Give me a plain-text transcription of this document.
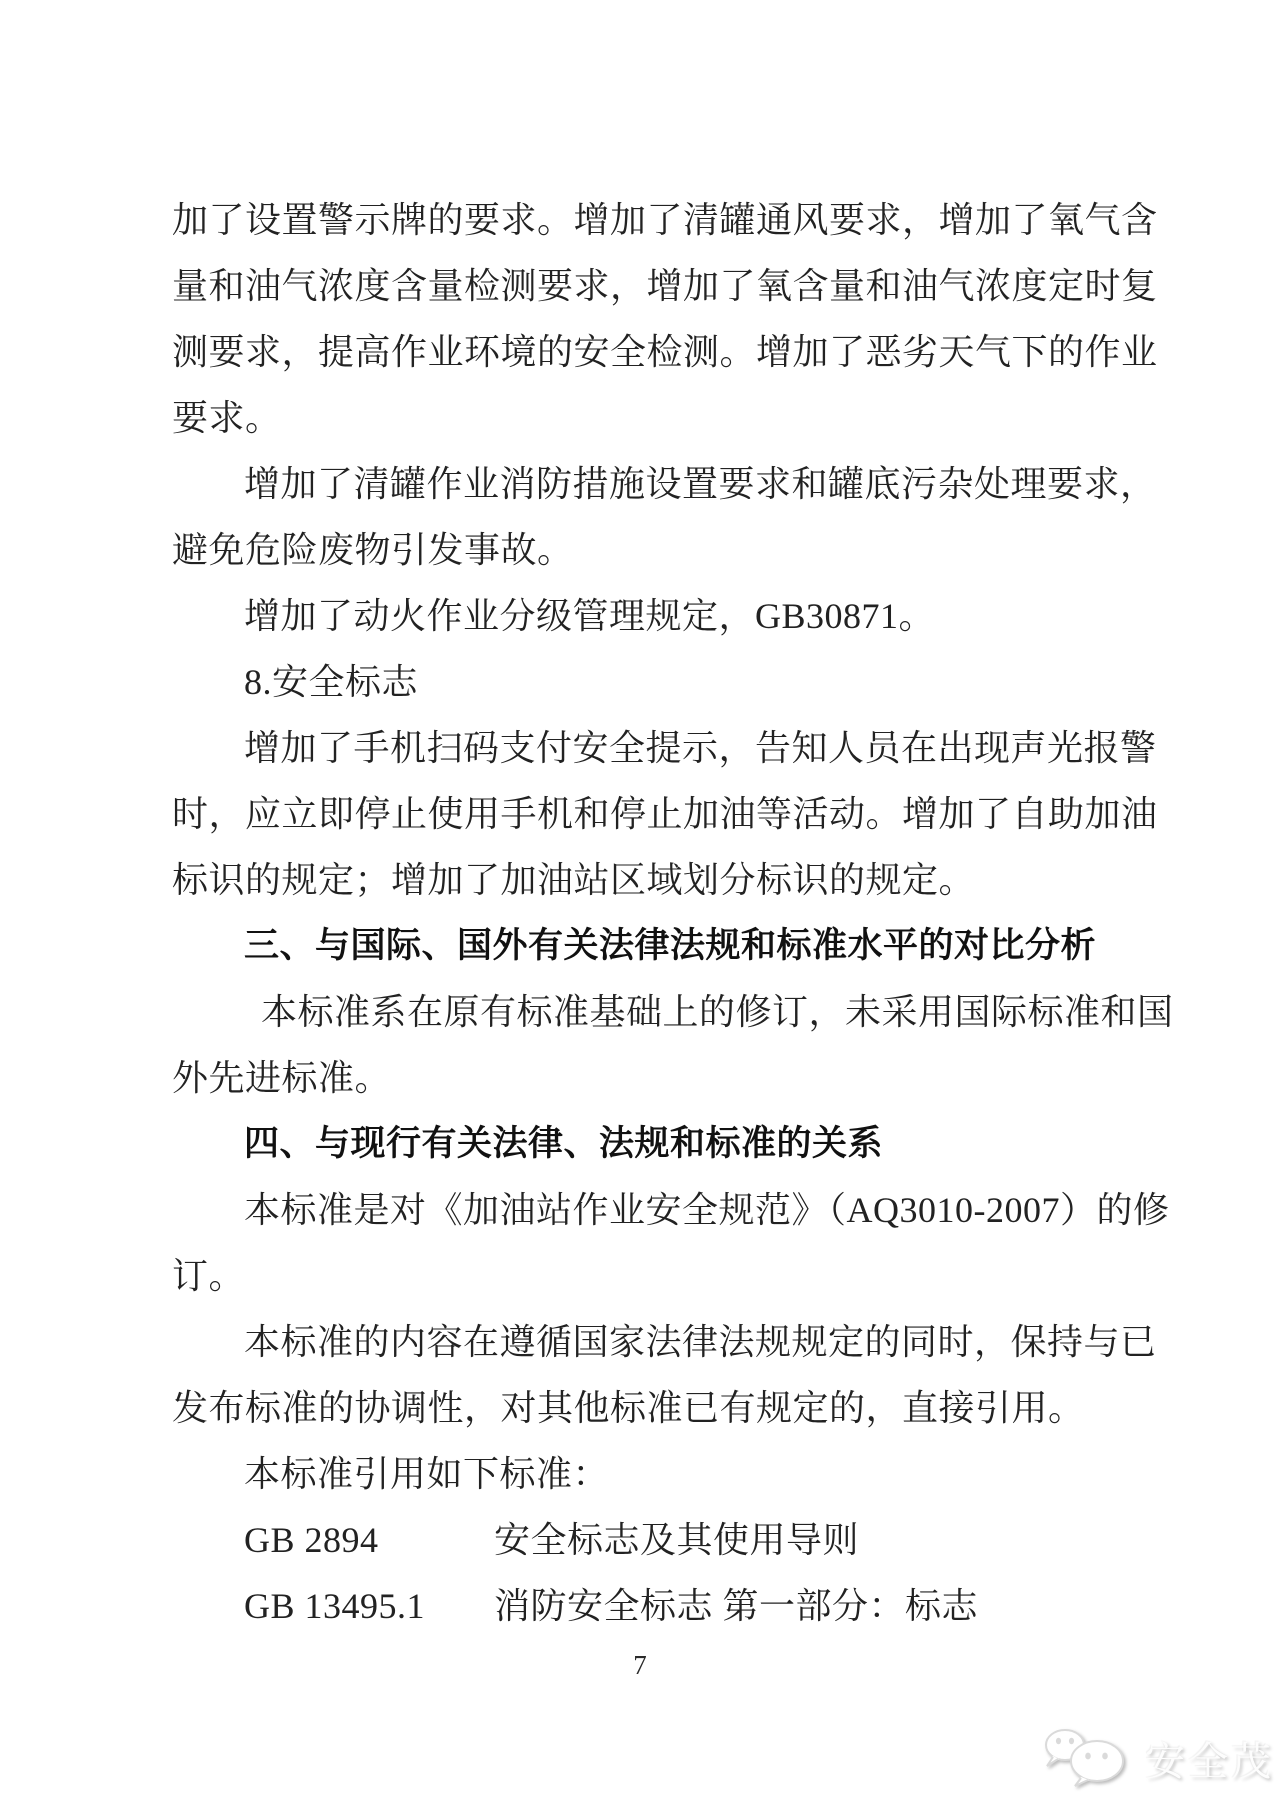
加了设置警示牌的要求。增加了清罐通风要求，增加了氧气含
量和油气浓度含量检测要求，增加了氧含量和油气浓度定时复
测要求，提高作业环境的安全检测。增加了恶劣天气下的作业
要求。
增加了清罐作业消防措施设置要求和罐底污杂处理要求，
避免危险废物引发事故。
增加了动火作业分级管理规定，GB30871。
8.安全标志
增加了手机扫码支付安全提示，告知人员在出现声光报警
时，应立即停止使用手机和停止加油等活动。增加了自助加油
标识的规定；增加了加油站区域划分标识的规定。
三、与国际、国外有关法律法规和标准水平的对比分析
本标准系在原有标准基础上的修订，未采用国际标准和国
外先进标准。
四、与现行有关法律、法规和标准的关系
本标准是对《加油站作业安全规范》（AQ3010-2007）的修
订。
本标准的内容在遵循国家法律法规规定的同时，保持与已
发布标准的协调性，对其他标准已有规定的，直接引用。
本标准引用如下标准：
GB 2894	安全标志及其使用导则
GB 13495.1 消防安全标志 第一部分：标志
7
安全茂
